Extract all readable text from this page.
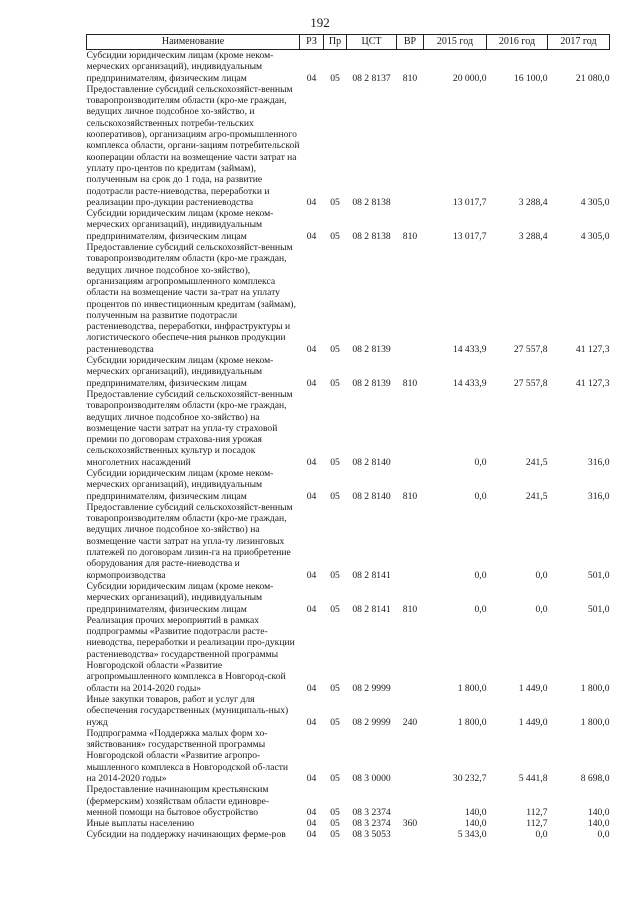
192
Наименование	РЗ	Пр	ЦСТ	ВР	2015 год	2016 год	2017 год
Субсидии юридическим лицам (кроме неком-мерческих организаций), индивидуальным предпринимателям, физическим лицам	04	05	08 2 8137	810	20 000,0	16 100,0	21 080,0
Предоставление субсидий сельскохозяйст-венным товаропроизводителям области (кро-ме граждан, ведущих личное подсобное хо-зяйство, и сельскохозяйственных потреби-тельских кооперативов), организациям агро-промышленного комплекса области, органи-зациям потребительской кооперации области на возмещение части затрат на уплату про-центов по кредитам (займам), полученным на срок до 1 года, на развитие подотрасли расте-ниеводства, переработки и реализации про-дукции растениеводства	04	05	08 2 8138		13 017,7	3 288,4	4 305,0
Субсидии юридическим лицам (кроме неком-мерческих организаций), индивидуальным предпринимателям, физическим лицам	04	05	08 2 8138	810	13 017,7	3 288,4	4 305,0
Предоставление субсидий сельскохозяйст-венным товаропроизводителям области (кро-ме граждан, ведущих личное подсобное хо-зяйство), организациям агропромышленного комплекса области на возмещение части за-трат на уплату процентов по инвестиционным кредитам (займам), полученным на развитие подотрасли растениеводства, переработки, инфраструктуры и логистического обеспече-ния рынков продукции растениеводства	04	05	08 2 8139		14 433,9	27 557,8	41 127,3
Субсидии юридическим лицам (кроме неком-мерческих организаций), индивидуальным предпринимателям, физическим лицам	04	05	08 2 8139	810	14 433,9	27 557,8	41 127,3
Предоставление субсидий сельскохозяйст-венным товаропроизводителям области (кро-ме граждан, ведущих личное подсобное хо-зяйство) на возмещение части затрат на упла-ту страховой премии по договорам страхова-ния урожая сельскохозяйственных культур и посадок многолетних насаждений	04	05	08 2 8140		0,0	241,5	316,0
Субсидии юридическим лицам (кроме неком-мерческих организаций), индивидуальным предпринимателям, физическим лицам	04	05	08 2 8140	810	0,0	241,5	316,0
Предоставление субсидий сельскохозяйст-венным товаропроизводителям области (кро-ме граждан, ведущих личное подсобное хо-зяйство) на возмещение части затрат на упла-ту лизинговых платежей по договорам лизин-га на приобретение оборудования для расте-ниеводства и кормопроизводства	04	05	08 2 8141		0,0	0,0	501,0
Субсидии юридическим лицам (кроме неком-мерческих организаций), индивидуальным предпринимателям, физическим лицам	04	05	08 2 8141	810	0,0	0,0	501,0
Реализация прочих мероприятий в рамках подпрограммы «Развитие подотрасли расте-ниеводства, переработки и реализации про-дукции растениеводства» государственной программы Новгородской области «Развитие агропромышленного комплекса в Новгород-ской области на 2014-2020 годы»	04	05	08 2 9999		1 800,0	1 449,0	1 800,0
Иные закупки товаров, работ и услуг для обеспечения государственных (муниципаль-ных) нужд	04	05	08 2 9999	240	1 800,0	1 449,0	1 800,0
Подпрограмма «Поддержка малых форм хо-зяйствования» государственной программы Новгородской области «Развитие агропро-мышленного комплекса в Новгородской об-ласти на 2014-2020 годы»	04	05	08 3 0000		30 232,7	5 441,8	8 698,0
Предоставление начинающим крестьянским (фермерским) хозяйствам области единовре-менной помощи на бытовое обустройство	04	05	08 3 2374		140,0	112,7	140,0
Иные выплаты населению	04	05	08 3 2374	360	140,0	112,7	140,0
Субсидии на поддержку начинающих ферме-ров	04	05	08 3 5053		5 343,0	0,0	0,0
